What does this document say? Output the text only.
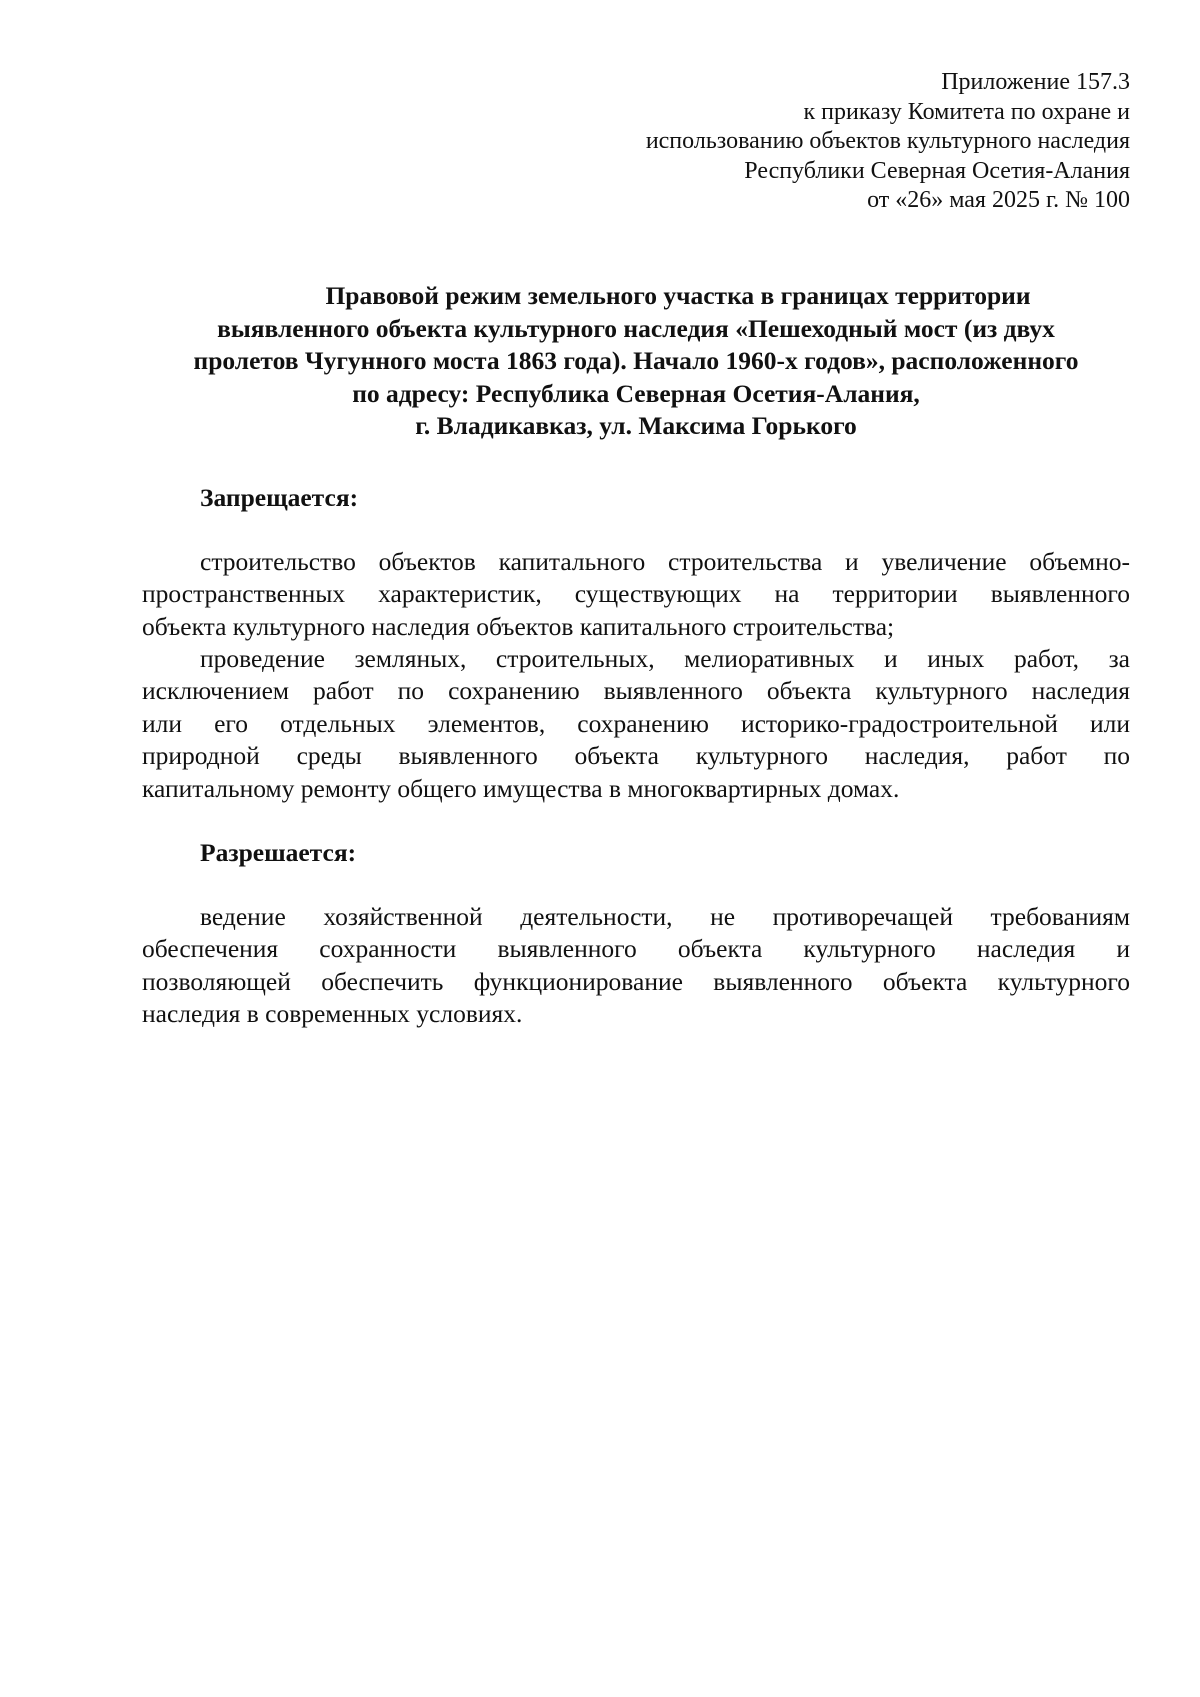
Приложение 157.3
к приказу Комитета по охране и
использованию объектов культурного наследия
Республики Северная Осетия-Алания
от «26» мая 2025 г. № 100
Правовой режим земельного участка в границах территории
выявленного объекта культурного наследия «Пешеходный мост (из двух
пролетов Чугунного моста 1863 года). Начало 1960-х годов», расположенного
по адресу: Республика Северная Осетия-Алания,
г. Владикавказ, ул. Максима Горького
Запрещается:
строительство объектов капитального строительства и увеличение объемно-
пространственных характеристик, существующих на территории выявленного
объекта культурного наследия объектов капитального строительства;
проведение земляных, строительных, мелиоративных и иных работ, за
исключением работ по сохранению выявленного объекта культурного наследия
или его отдельных элементов, сохранению историко-градостроительной или
природной среды выявленного объекта культурного наследия, работ по
капитальному ремонту общего имущества в многоквартирных домах.
Разрешается:
ведение хозяйственной деятельности, не противоречащей требованиям
обеспечения сохранности выявленного объекта культурного наследия и
позволяющей обеспечить функционирование выявленного объекта культурного
наследия в современных условиях.
